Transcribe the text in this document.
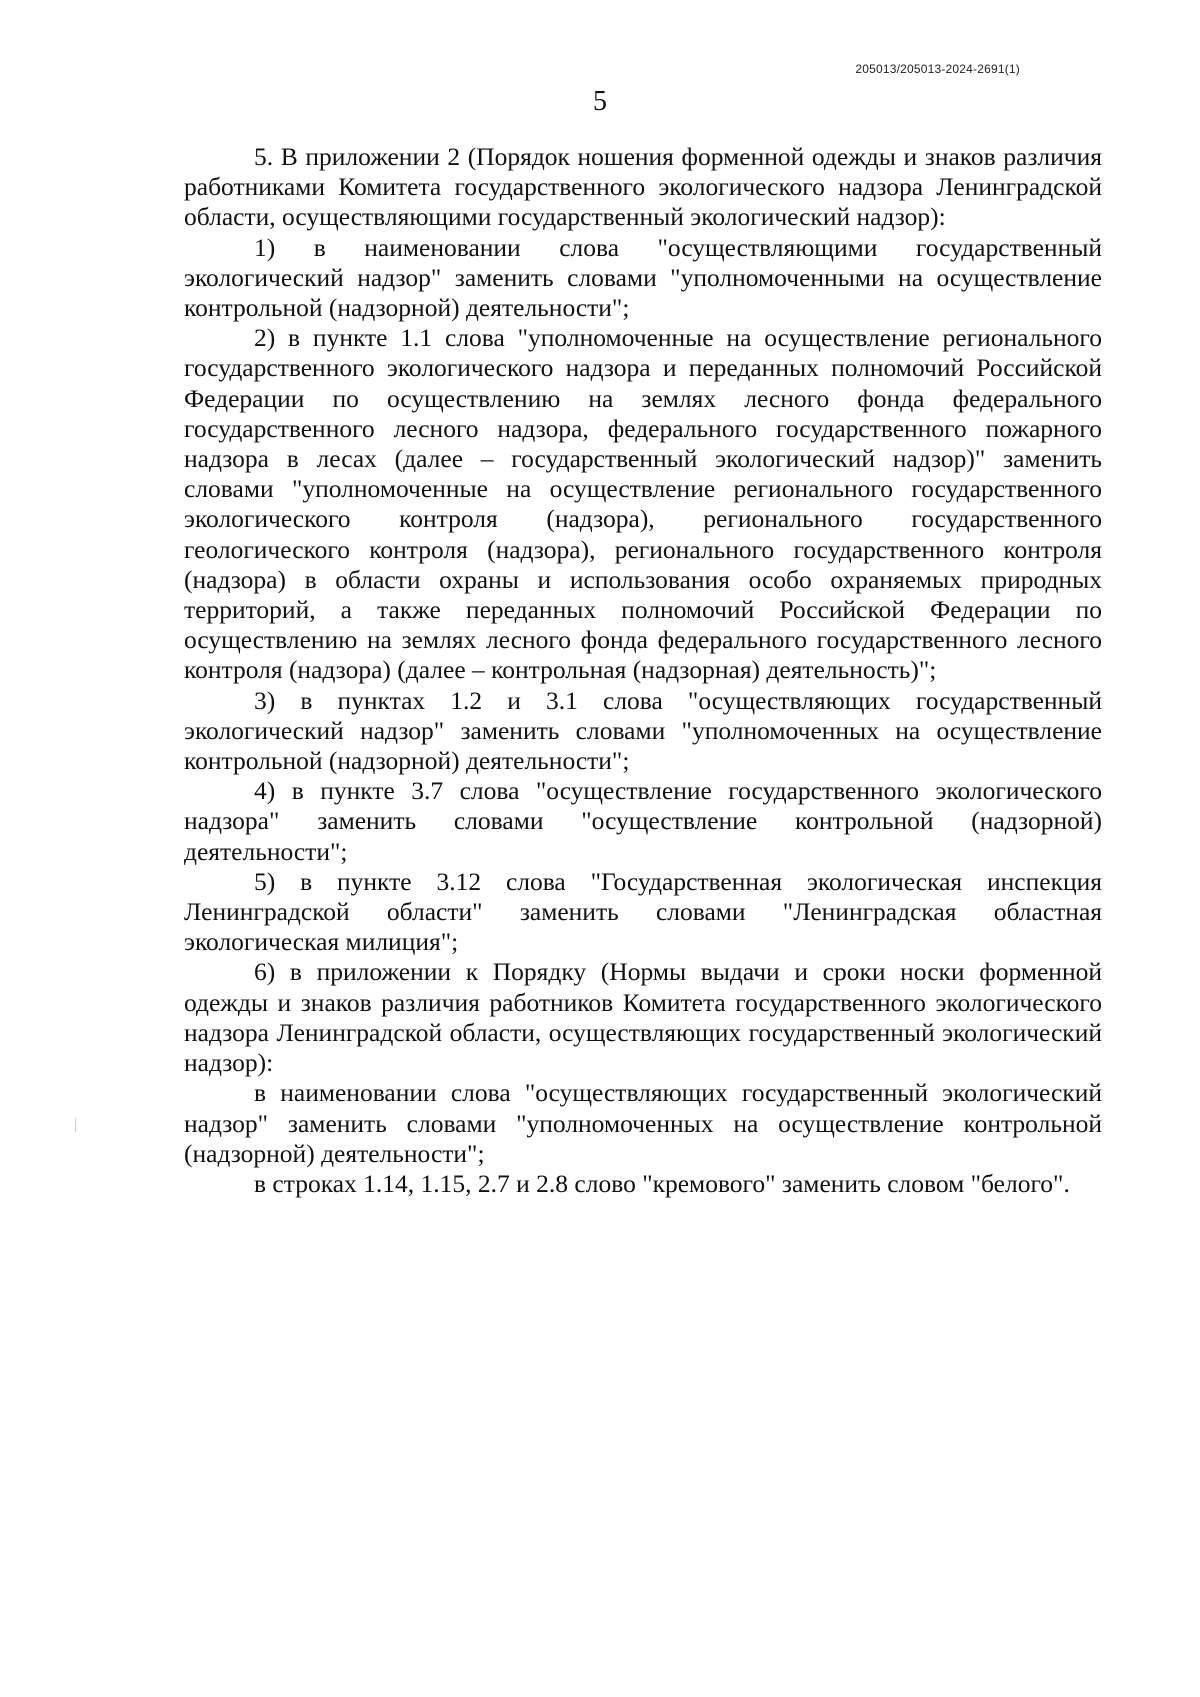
205013/205013-2024-2691(1)
5

5. В приложении 2 (Порядок ношения форменной одежды и знаков различия работниками Комитета государственного экологического надзора Ленинградской области, осуществляющими государственный экологический надзор):

1) в наименовании слова "осуществляющими государственный экологический надзор" заменить словами "уполномоченными на осуществление контрольной (надзорной) деятельности";

2) в пункте 1.1 слова "уполномоченные на осуществление регионального государственного экологического надзора и переданных полномочий Российской Федерации по осуществлению на землях лесного фонда федерального государственного лесного надзора, федерального государственного пожарного надзора в лесах (далее – государственный экологический надзор)" заменить словами "уполномоченные на осуществление регионального государственного экологического контроля (надзора), регионального государственного геологического контроля (надзора), регионального государственного контроля (надзора) в области охраны и использования особо охраняемых природных территорий, а также переданных полномочий Российской Федерации по осуществлению на землях лесного фонда федерального государственного лесного контроля (надзора) (далее – контрольная (надзорная) деятельность)";

3) в пунктах 1.2 и 3.1 слова "осуществляющих государственный экологический надзор" заменить словами "уполномоченных на осуществление контрольной (надзорной) деятельности";

4) в пункте 3.7 слова "осуществление государственного экологического надзора" заменить словами "осуществление контрольной (надзорной) деятельности";

5) в пункте 3.12 слова "Государственная экологическая инспекция Ленинградской области" заменить словами "Ленинградская областная экологическая милиция";

6) в приложении к Порядку (Нормы выдачи и сроки носки форменной одежды и знаков различия работников Комитета государственного экологического надзора Ленинградской области, осуществляющих государственный экологический надзор):

в наименовании слова "осуществляющих государственный экологический надзор" заменить словами "уполномоченных на осуществление контрольной (надзорной) деятельности";

в строках 1.14, 1.15, 2.7 и 2.8 слово "кремового" заменить словом "белого".
